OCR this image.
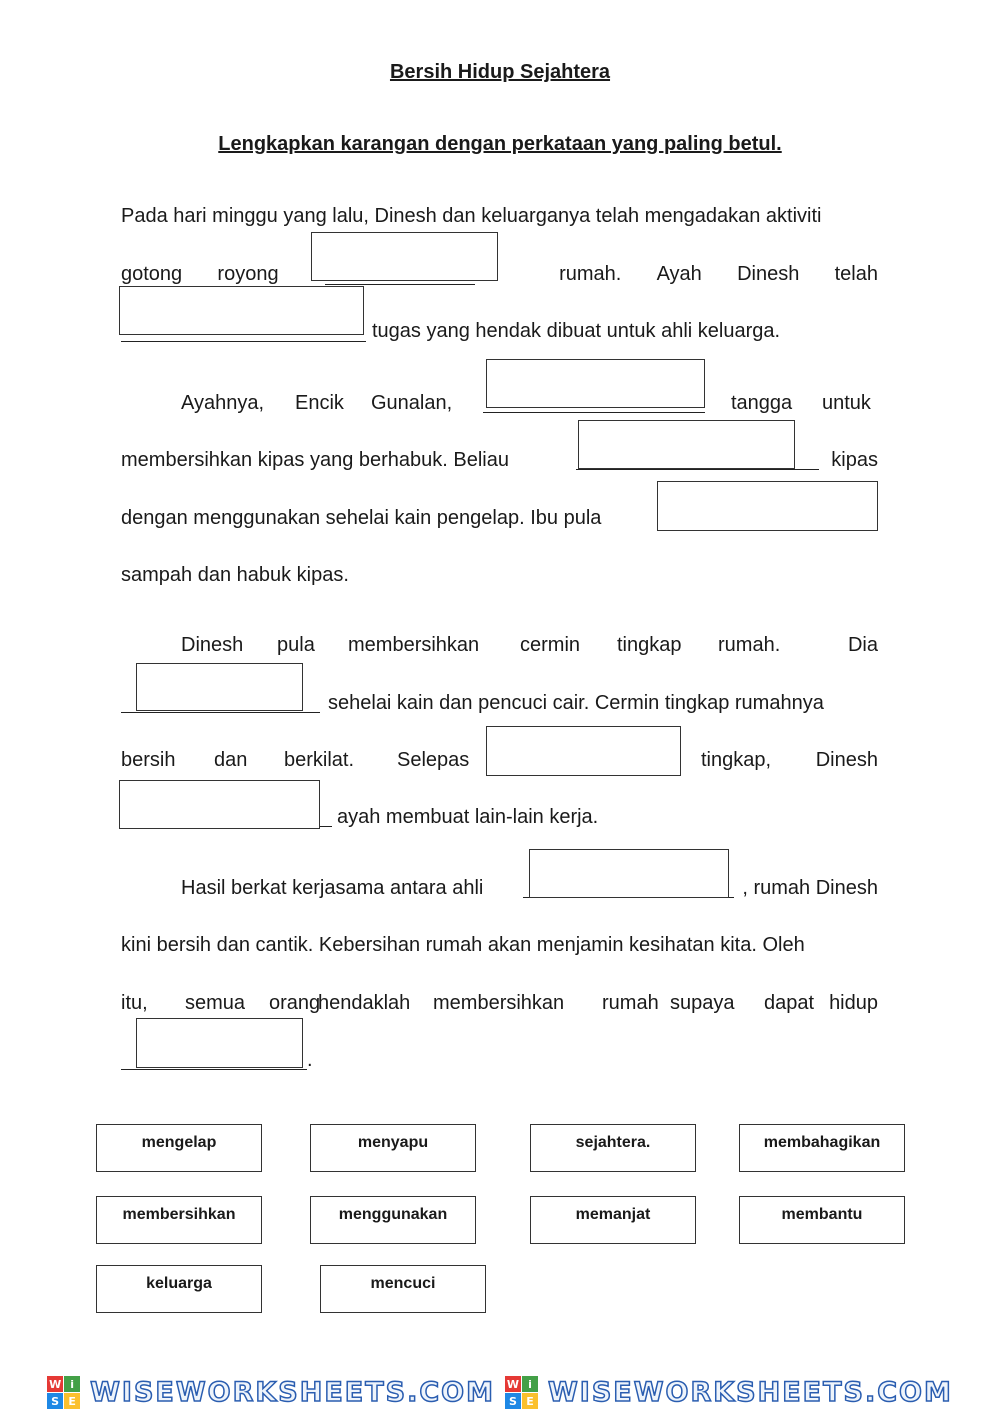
Bersih Hidup Sejahtera
Lengkapkan karangan dengan perkataan yang paling betul.
Pada hari minggu yang lalu, Dinesh dan keluarganya telah mengadakan aktiviti
gotong royong	rumah. Ayah Dinesh telah
tugas yang hendak dibuat untuk ahli keluarga.
Ayahnya, Encik Gunalan,	tangga untuk
membersihkan kipas yang berhabuk. Beliau	kipas
dengan menggunakan sehelai kain pengelap. Ibu pula
sampah dan habuk kipas.
Dinesh pula membersihkan cermin tingkap rumah.	Dia
sehelai kain dan pencuci cair. Cermin tingkap rumahnya
bersih dan berkilat. Selepas	tingkap, Dinesh
ayah membuat lain-lain kerja.
Hasil berkat kerjasama antara ahli	, rumah Dinesh
kini bersih dan cantik. Kebersihan rumah akan menjamin kesihatan kita. Oleh
itu, semua orang
hendaklah membersihkan rumah supaya dapat hidup
.
mengelap	menyapu	sejahtera.	membahagikan
membersihkan	menggunakan	memanjat	membantu
keluarga	mencuci
W i
S E WISEWORKSHEETS.COM W i
S E WISEWORKSHEETS.COM
